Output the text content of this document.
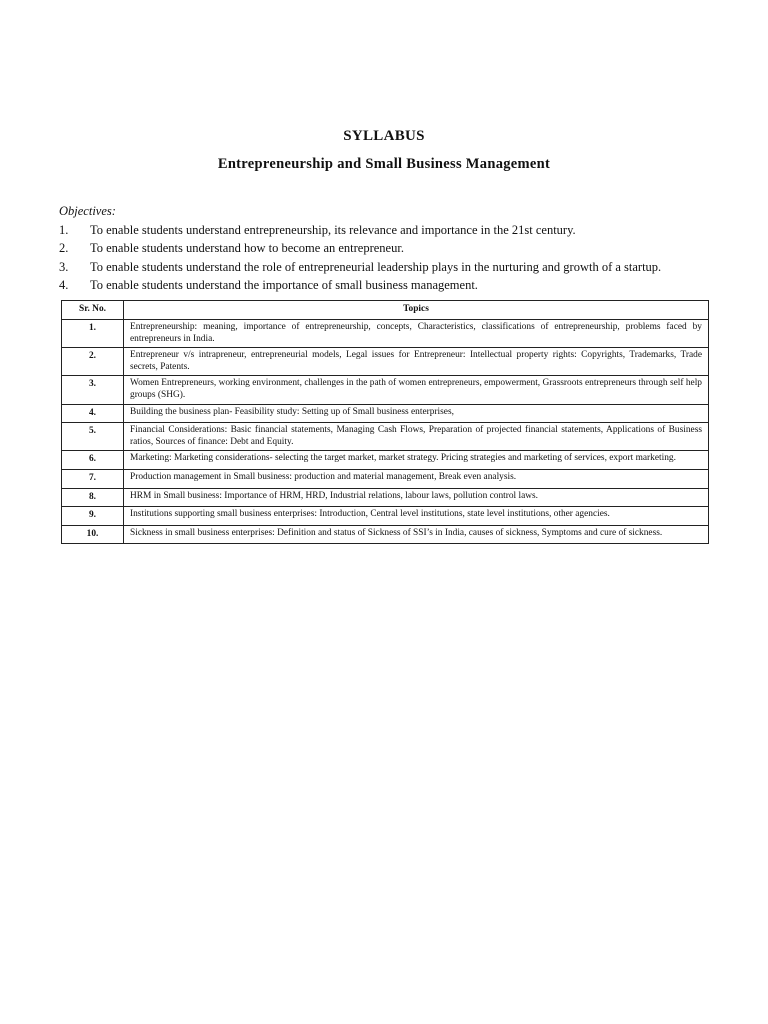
SYLLABUS
Entrepreneurship and Small Business Management
Objectives:
1.	To enable students understand entrepreneurship, its relevance and importance in the 21st century.
2.	To enable students understand how to become an entrepreneur.
3.	To enable students understand the role of entrepreneurial leadership plays in the nurturing and growth of a startup.
4.	To enable students understand the importance of small business management.
Sr. No.	Topics
1.	Entrepreneurship: meaning, importance of entrepreneurship, concepts, Characteristics, classifications of entrepreneurship, problems faced by entrepreneurs in India.
2.	Entrepreneur v/s intrapreneur, entrepreneurial models, Legal issues for Entrepreneur: Intellectual property rights: Copyrights, Trademarks, Trade secrets, Patents.
3.	Women Entrepreneurs, working environment, challenges in the path of women entrepreneurs, empowerment, Grassroots entrepreneurs through self help groups (SHG).
4.	Building the business plan- Feasibility study: Setting up of Small business enterprises,
5.	Financial Considerations: Basic financial statements, Managing Cash Flows, Preparation of projected financial statements, Applications of Business ratios, Sources of finance: Debt and Equity.
6.	Marketing: Marketing considerations- selecting the target market, market strategy. Pricing strategies and marketing of services, export marketing.
7.	Production management in Small business: production and material management, Break even analysis.
8.	HRM in Small business: Importance of HRM, HRD, Industrial relations, labour laws, pollution control laws.
9.	Institutions supporting small business enterprises: Introduction, Central level institutions, state level institutions, other agencies.
10.	Sickness in small business enterprises: Definition and status of Sickness of SSI’s in India, causes of sickness, Symptoms and cure of sickness.
